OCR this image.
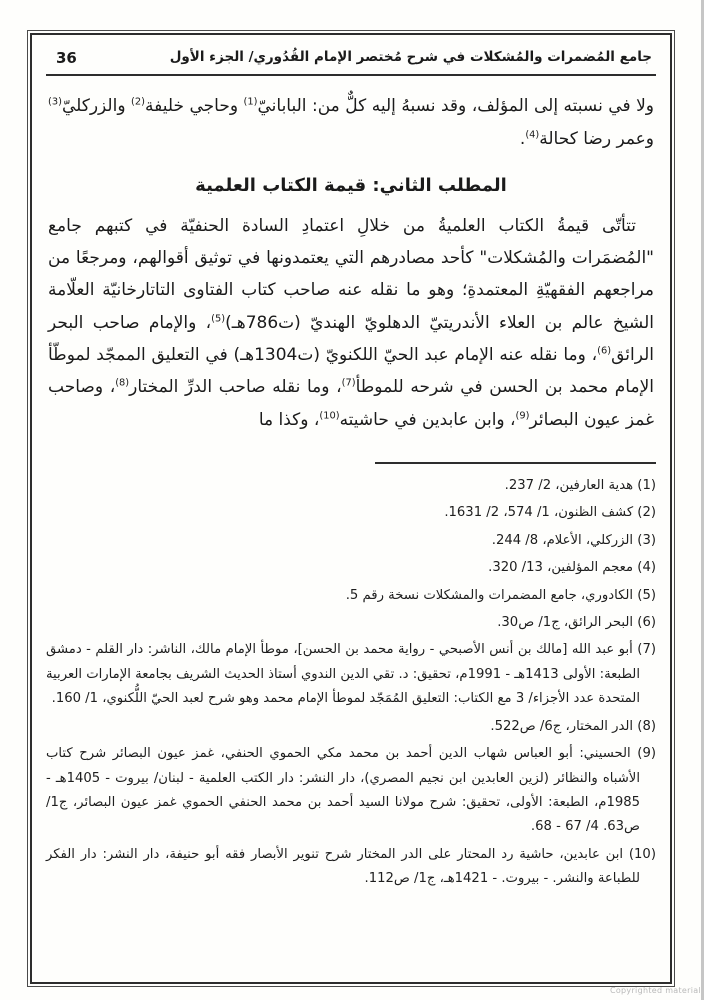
جامع المُضمرات والمُشكلات في شرح مُختصر الإمام القُدُوري/ الجزء الأول
36

ولا في نسبته إلى المؤلف، وقد نسبهُ إليه كلٌّ من: البابانيّ$^{(1)}$ وحاجي خليفة$^{(2)}$ والزركليّ$^{(3)}$ وعمر رضا كحالة$^{(4)}$.

المطلب الثاني: قيمة الكتاب العلمية

تتأتّى قيمةُ الكتاب العلميةُ من خلالِ اعتمادِ السادة الحنفيّة في كتبهم جامع "المُضمَرات والمُشكلات" كأحد مصادرهم التي يعتمدونها في توثيق أقوالهم، ومرجعًا من مراجعهم الفقهيّةِ المعتمدةِ؛ وهو ما نقله عنه صاحب كتاب الفتاوى التاتارخانيّة العلّامة الشيخ عالم بن العلاء الأندريتيّ الدهلويّ الهنديّ (ت786هـ)$^{(5)}$، والإمام صاحب البحر الرائق$^{(6)}$، وما نقله عنه الإمام عبد الحيّ اللكنويّ (ت1304هـ) في التعليق الممجّد لموطّأ الإمام محمد بن الحسن في شرحه للموطأ$^{(7)}$، وما نقله صاحب الدرِّ المختار$^{(8)}$، وصاحب غمز عيون البصائر$^{(9)}$، وابن عابدين في حاشيته$^{(10)}$، وكذا ما

(1) هدية العارفين، 2/ 237.
(2) كشف الظنون، 1/ 574، 2/ 1631.
(3) الزركلي، الأعلام، 8/ 244.
(4) معجم المؤلفين، 13/ 320.
(5) الكادوري، جامع المضمرات والمشكلات نسخة رقم 5.
(6) البحر الرائق، ج1/ ص30.
(7) أبو عبد الله [مالك بن أنس الأصبحي - رواية محمد بن الحسن]، موطأ الإمام مالك، الناشر: دار القلم - دمشق الطبعة: الأولى 1413هـ - 1991م، تحقيق: د. تقي الدين الندوي أستاذ الحديث الشريف بجامعة الإمارات العربية المتحدة عدد الأجزاء/ 3 مع الكتاب: التعليق المُمَجّد لموطأ الإمام محمد وهو شرح لعبد الحيّ اللُّكنوي، 1/ 160.
(8) الدر المختار، ج6/ ص522.
(9) الحسيني: أبو العباس شهاب الدين أحمد بن محمد مكي الحموي الحنفي، غمز عيون البصائر شرح كتاب الأشباه والنظائر (لزين العابدين ابن نجيم المصري)، دار النشر: دار الكتب العلمية - لبنان/ بيروت - 1405هـ - 1985م، الطبعة: الأولى، تحقيق: شرح مولانا السيد أحمد بن محمد الحنفي الحموي غمز عيون البصائر، ج1/ ص63. 4/ 67 - 68.
(10) ابن عابدين، حاشية رد المحتار على الدر المختار شرح تنوير الأبصار فقه أبو حنيفة، دار النشر: دار الفكر للطباعة والنشر. - بيروت. - 1421هـ، ج1/ ص112.
Copyrighted material
